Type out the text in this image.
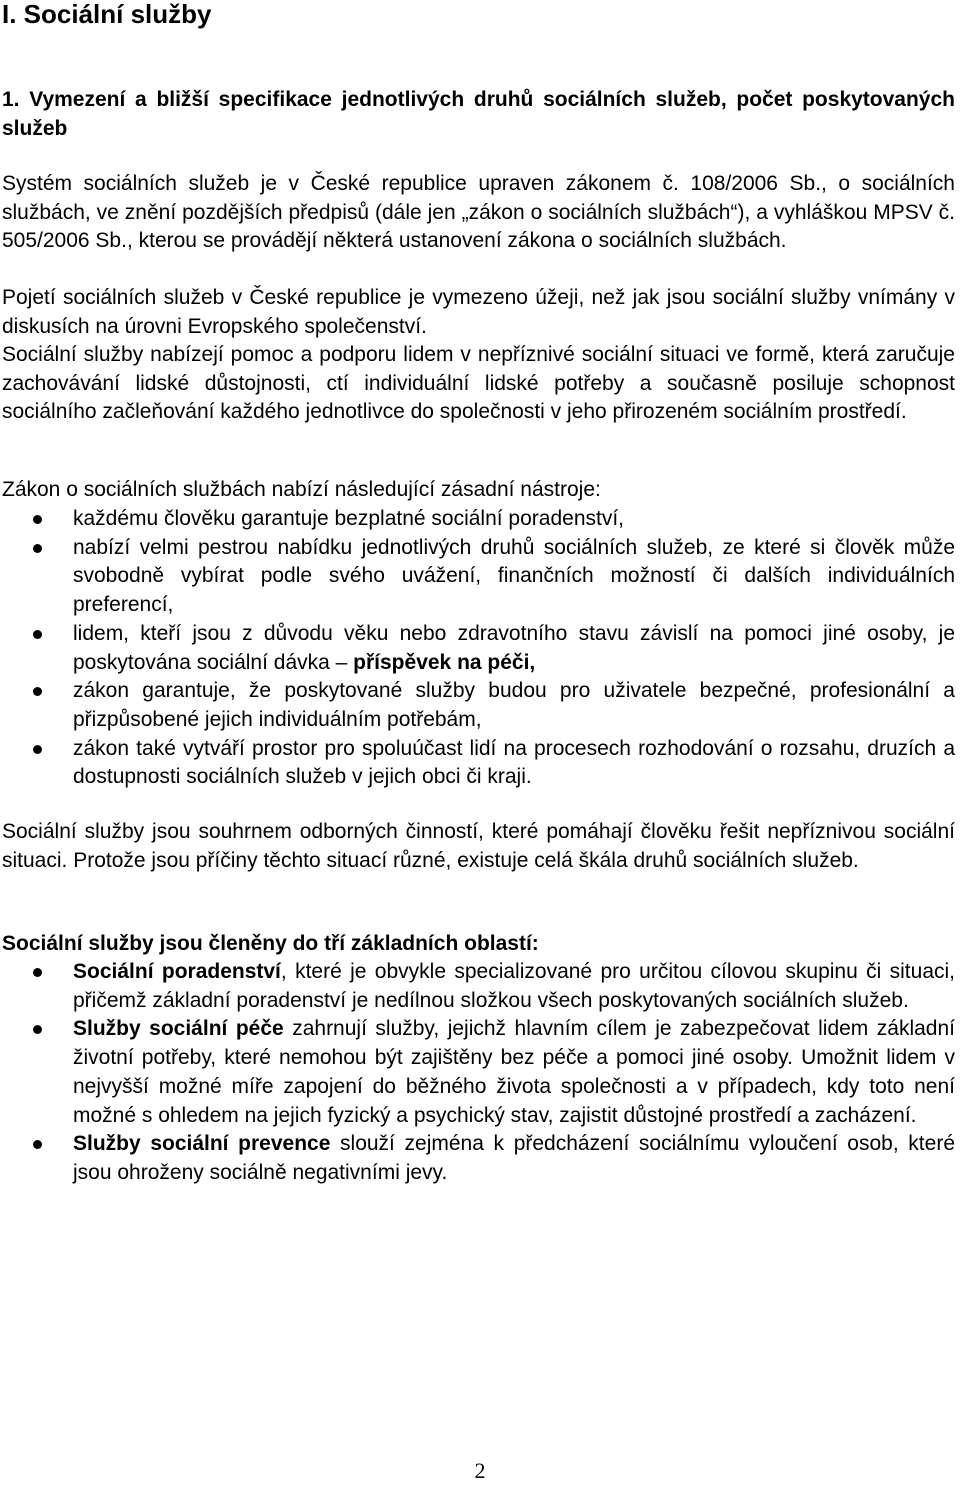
I. Sociální služby
1. Vymezení a bližší specifikace jednotlivých druhů sociálních služeb, počet poskytovaných služeb

Systém sociálních služeb je v České republice upraven zákonem č. 108/2006 Sb., o sociálních službách, ve znění pozdějších předpisů (dále jen „zákon o sociálních službách“), a vyhláškou MPSV č. 505/2006 Sb., kterou se provádějí některá ustanovení zákona o sociálních službách.

Pojetí sociálních služeb v České republice je vymezeno úžeji, než jak jsou sociální služby vnímány v diskusích na úrovni Evropského společenství.

Sociální služby nabízejí pomoc a podporu lidem v nepříznivé sociální situaci ve formě, která zaručuje zachovávání lidské důstojnosti, ctí individuální lidské potřeby a současně posiluje schopnost sociálního začleňování každého jednotlivce do společnosti v jeho přirozeném sociálním prostředí.

Zákon o sociálních službách nabízí následující zásadní nástroje:

každému člověku garantuje bezplatné sociální poradenství,
nabízí velmi pestrou nabídku jednotlivých druhů sociálních služeb, ze které si člověk může svobodně vybírat podle svého uvážení, finančních možností či dalších individuálních preferencí,
lidem, kteří jsou z důvodu věku nebo zdravotního stavu závislí na pomoci jiné osoby, je poskytována sociální dávka – příspěvek na péči,
zákon garantuje, že poskytované služby budou pro uživatele bezpečné, profesionální a přizpůsobené jejich individuálním potřebám,
zákon také vytváří prostor pro spoluúčast lidí na procesech rozhodování o rozsahu, druzích a dostupnosti sociálních služeb v jejich obci či kraji.

Sociální služby jsou souhrnem odborných činností, které pomáhají člověku řešit nepříznivou sociální situaci. Protože jsou příčiny těchto situací různé, existuje celá škála druhů sociálních služeb.

Sociální služby jsou členěny do tří základních oblastí:

Sociální poradenství, které je obvykle specializované pro určitou cílovou skupinu či situaci, přičemž základní poradenství je nedílnou složkou všech poskytovaných sociálních služeb.
Služby sociální péče zahrnují služby, jejichž hlavním cílem je zabezpečovat lidem základní životní potřeby, které nemohou být zajištěny bez péče a pomoci jiné osoby. Umožnit lidem v nejvyšší možné míře zapojení do běžného života společnosti a v případech, kdy toto není možné s ohledem na jejich fyzický a psychický stav, zajistit důstojné prostředí a zacházení.
Služby sociální prevence slouží zejména k předcházení sociálnímu vyloučení osob, které jsou ohroženy sociálně negativními jevy.
2
